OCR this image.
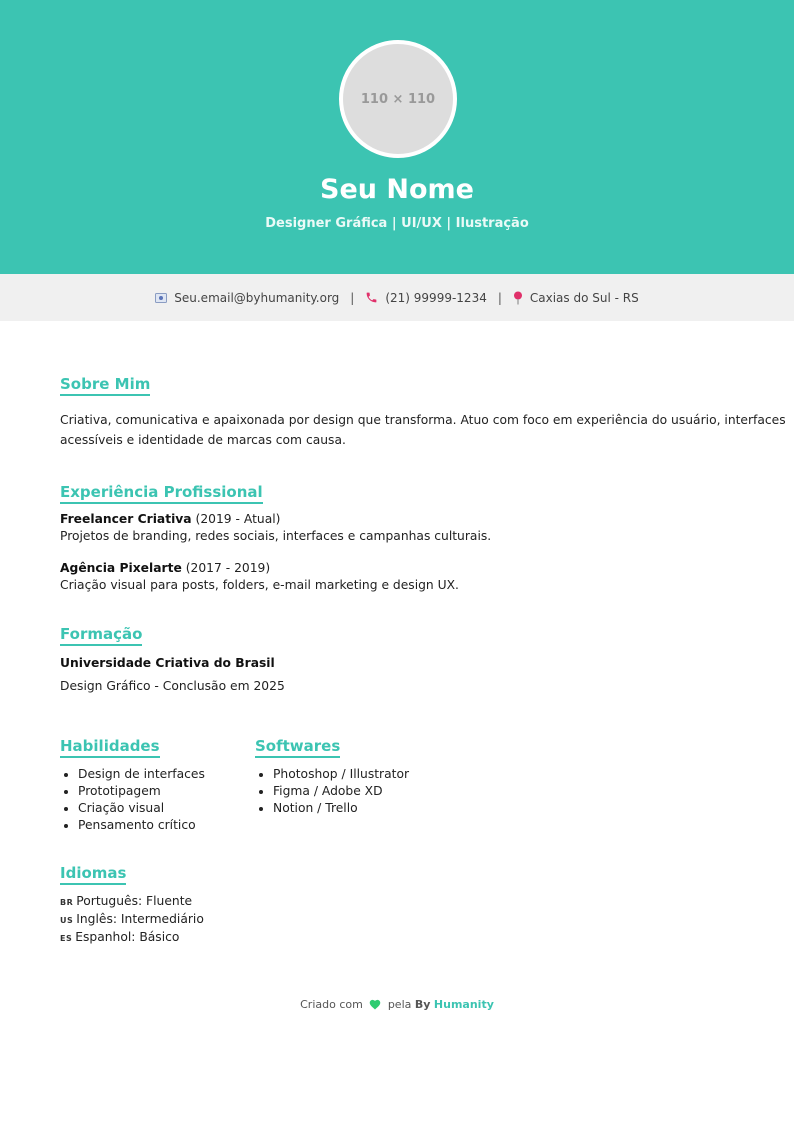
110 × 110
Seu Nome
Designer Gráfica | UI/UX | Ilustração
Seu.email@byhumanity.org |	(21) 99999-1234 | Caxias do Sul - RS
Sobre Mim
Criativa, comunicativa e apaixonada por design que transforma. Atuo com foco em experiência do usuário, interfaces
acessíveis e identidade de marcas com causa.
Experiência Profissional
Freelancer Criativa (2019 - Atual)
Projetos de branding, redes sociais, interfaces e campanhas culturais.
Agência Pixelarte (2017 - 2019)
Criação visual para posts, folders, e-mail marketing e design UX.
Formação
Universidade Criativa do Brasil
Design Gráfico - Conclusão em 2025
Habilidades
• Design de interfaces
• Prototipagem
• Criação visual
• Pensamento crítico
Softwares
• Photoshop / Illustrator
• Figma / Adobe XD
• Notion / Trello
Idiomas
BR Português: Fluente
US Inglês: Intermediário
ES Espanhol: Básico
Criado com pela By Humanity
